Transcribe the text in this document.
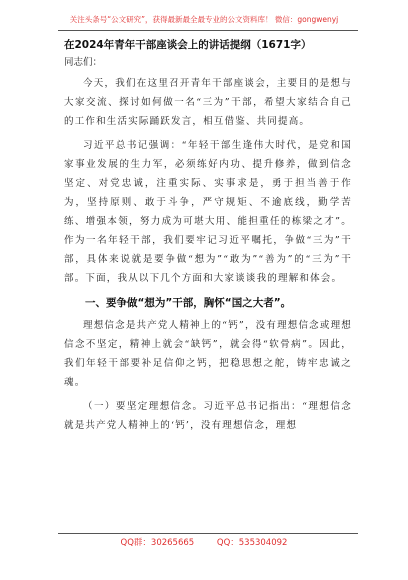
关注头条号“公文研究”，获得最新最全最专业的公文资料库！ 微信：gongwenyj

在2024年青年干部座谈会上的讲话提纲（1671字）

同志们：

今天，我们在这里召开青年干部座谈会，主要目的是想与大家交流、探讨如何做一名“三为”干部，希望大家结合自己的工作和生活实际踊跃发言，相互借鉴、共同提高。

习近平总书记强调：“年轻干部生逢伟大时代，是党和国家事业发展的生力军，必须练好内功、提升修养，做到信念坚定、对党忠诚，注重实际、实事求是，勇于担当善于作为，坚持原则、敢于斗争，严守规矩、不逾底线，勤学苦练、增强本领，努力成为可堪大用、能担重任的栋梁之才”。作为一名年轻干部，我们要牢记习近平嘱托，争做“三为”干部，具体来说就是要争做“想为”“敢为”“善为”的“三为”干部。下面，我从以下几个方面和大家谈谈我的理解和体会。

一、要争做“想为”干部，胸怀“国之大者”。

理想信念是共产党人精神上的“钙”，没有理想信念或理想信念不坚定，精神上就会“缺钙”，就会得“软骨病”。因此，我们年轻干部要补足信仰之钙，把稳思想之舵，铸牢忠诚之魂。

（一）要坚定理想信念。习近平总书记指出：“理想信念就是共产党人精神上的‘钙’，没有理想信念，理想

QQ群：30265665	QQ：535304092
